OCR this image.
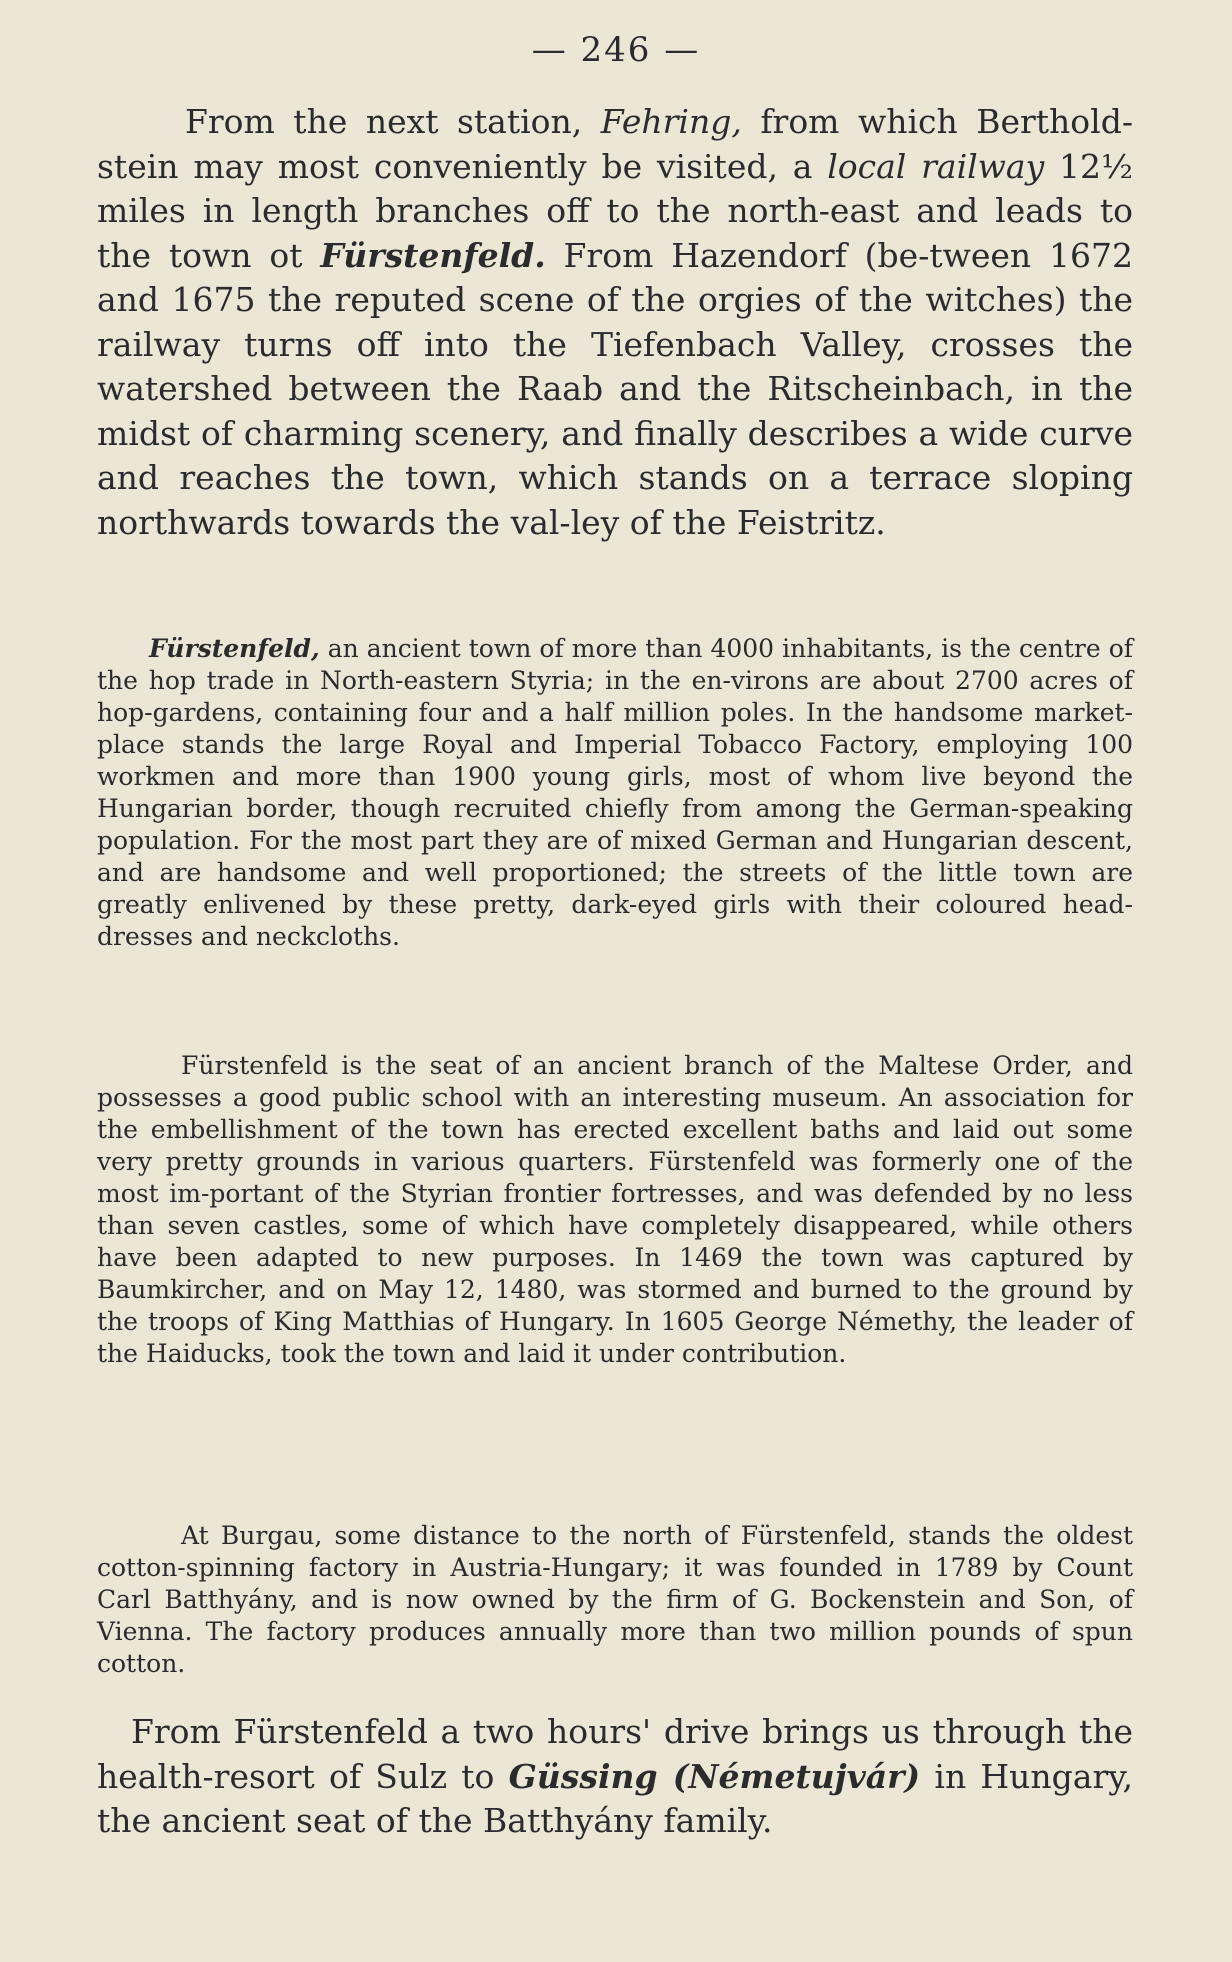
— 246 —

From the next station, Fehring, from which Berthold-stein may most conveniently be visited, a local railway 12½ miles in length branches off to the north-east and leads to the town ot Fürstenfeld. From Hazendorf (be-tween 1672 and 1675 the reputed scene of the orgies of the witches) the railway turns off into the Tiefenbach Valley, crosses the watershed between the Raab and the Ritscheinbach, in the midst of charming scenery, and finally describes a wide curve and reaches the town, which stands on a terrace sloping northwards towards the val-ley of the Feistritz.

Fürstenfeld, an ancient town of more than 4000 inhabitants, is the centre of the hop trade in North-eastern Styria; in the en-virons are about 2700 acres of hop-gardens, containing four and a half million poles. In the handsome market-place stands the large Royal and Imperial Tobacco Factory, employing 100 workmen and more than 1900 young girls, most of whom live beyond the Hungarian border, though recruited chiefly from among the German-speaking population. For the most part they are of mixed German and Hungarian descent, and are handsome and well proportioned; the streets of the little town are greatly enlivened by these pretty, dark-eyed girls with their coloured head-dresses and neckcloths.

Fürstenfeld is the seat of an ancient branch of the Maltese Order, and possesses a good public school with an interesting museum. An association for the embellishment of the town has erected excellent baths and laid out some very pretty grounds in various quarters. Fürstenfeld was formerly one of the most im-portant of the Styrian frontier fortresses, and was defended by no less than seven castles, some of which have completely disappeared, while others have been adapted to new purposes. In 1469 the town was captured by Baumkircher, and on May 12, 1480, was stormed and burned to the ground by the troops of King Matthias of Hungary. In 1605 George Némethy, the leader of the Haiducks, took the town and laid it under contribution.

At Burgau, some distance to the north of Fürstenfeld, stands the oldest cotton-spinning factory in Austria-Hungary; it was founded in 1789 by Count Carl Batthyány, and is now owned by the firm of G. Bockenstein and Son, of Vienna. The factory produces annually more than two million pounds of spun cotton.

From Fürstenfeld a two hours' drive brings us through the health-resort of Sulz to Güssing (Németujvár) in Hungary, the ancient seat of the Batthyány family.
